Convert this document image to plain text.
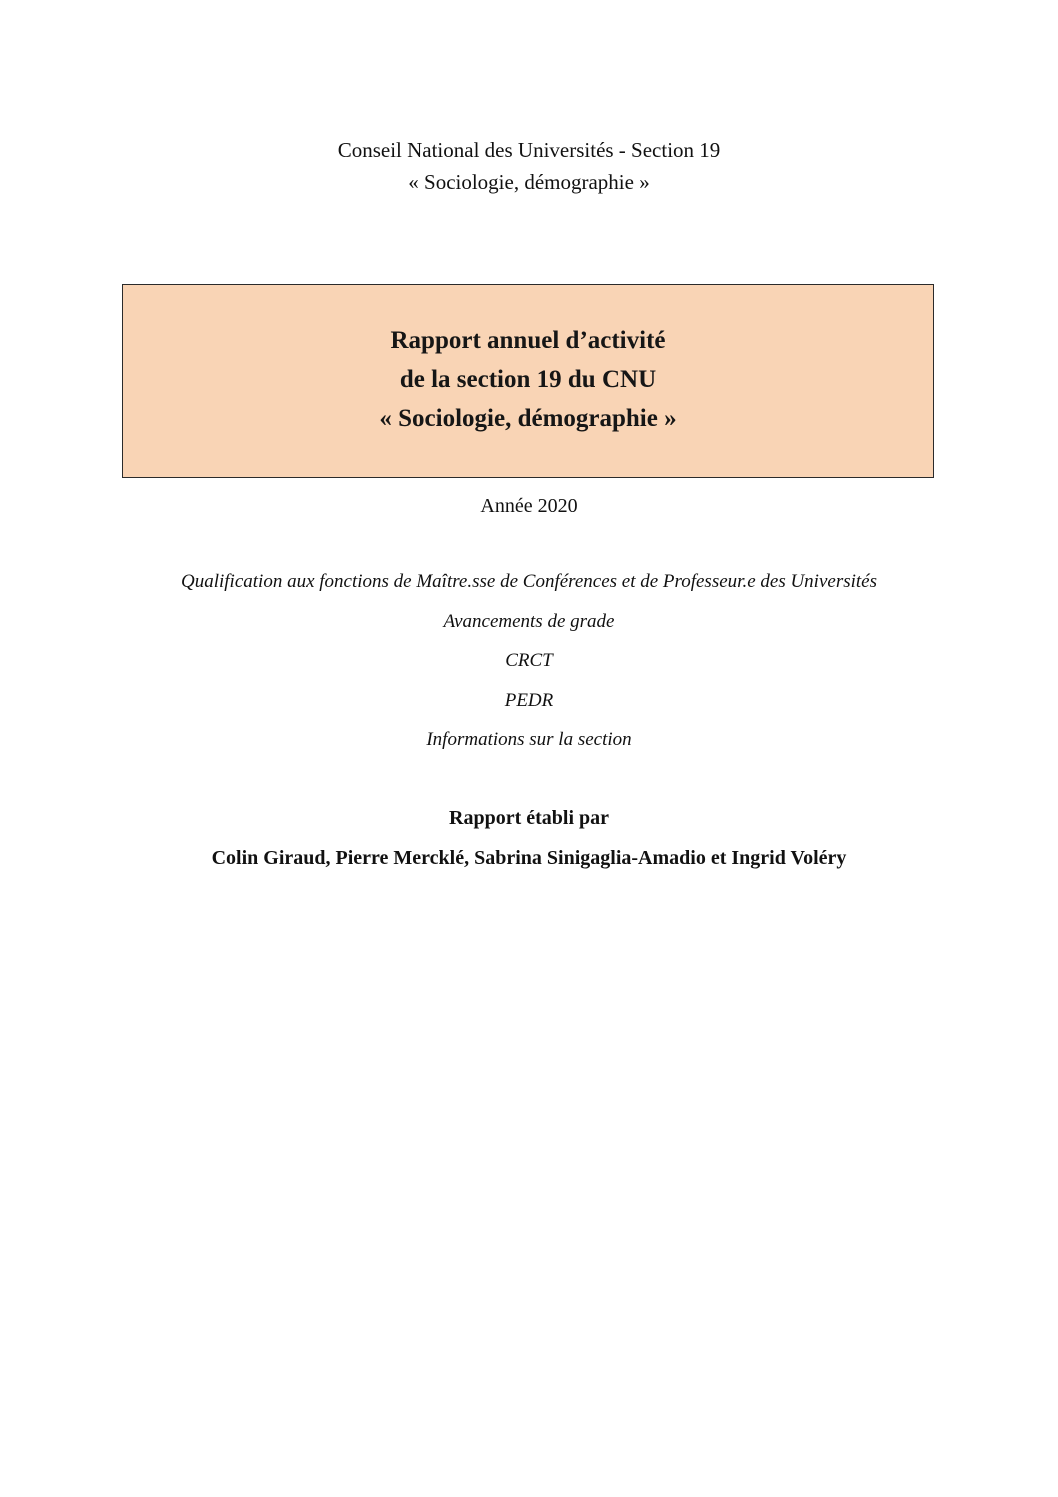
Conseil National des Universités - Section 19
« Sociologie, démographie »
Rapport annuel d’activité
de la section 19 du CNU
« Sociologie, démographie »
Année 2020
Qualification aux fonctions de Maître.sse de Conférences et de Professeur.e des Universités
Avancements de grade
CRCT
PEDR
Informations sur la section
Rapport établi par
Colin Giraud, Pierre Mercklé, Sabrina Sinigaglia-Amadio et Ingrid Voléry
